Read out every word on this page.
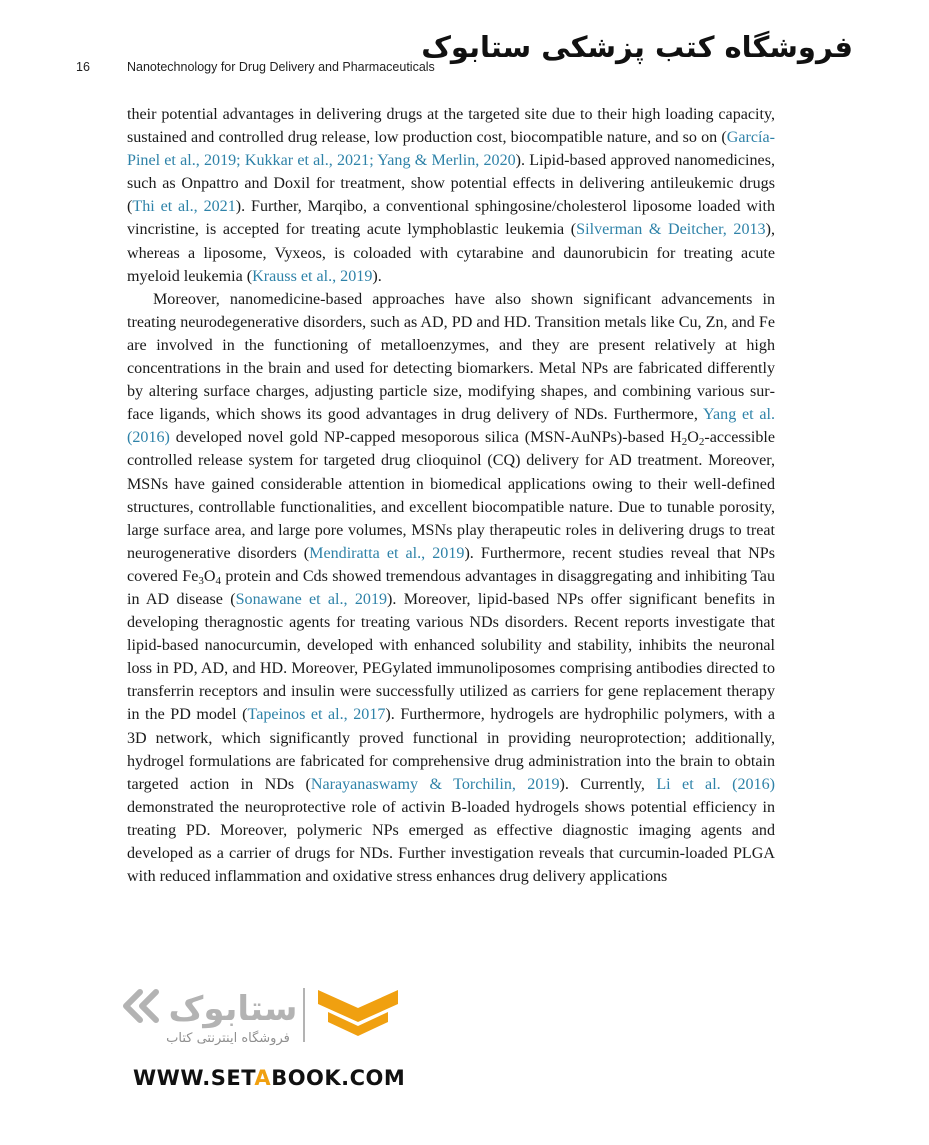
16	Nanotechnology for Drug Delivery and Pharmaceuticals
فروشگاه کتب پزشکی ستابوک

their potential advantages in delivering drugs at the targeted site due to their high loading capacity, sustained and controlled drug release, low production cost, biocompatible nature, and so on (García-Pinel et al., 2019; Kukkar et al., 2021; Yang & Merlin, 2020). Lipid-based approved nanomedicines, such as Onpattro and Doxil for treatment, show potential effects in delivering antileukemic drugs (Thi et al., 2021). Further, Marqibo, a conventional sphingosine/cholesterol liposome loaded with vincristine, is accepted for treating acute lymphoblastic leukemia (Silverman & Deitcher, 2013), whereas a liposome, Vyxeos, is coloaded with cytarabine and daunorubicin for treating acute myeloid leukemia (Krauss et al., 2019).

Moreover, nanomedicine-based approaches have also shown significant advancements in treating neurodegenerative disorders, such as AD, PD and HD. Transition metals like Cu, Zn, and Fe are involved in the functioning of metalloenzymes, and they are present relatively at high concentrations in the brain and used for detecting biomarkers. Metal NPs are fabricated differently by altering surface charges, adjusting particle size, modifying shapes, and combining various surface ligands, which shows its good advantages in drug delivery of NDs. Furthermore, Yang et al. (2016) developed novel gold NP-capped mesoporous silica (MSN-AuNPs)-based $H_2O_2$-accessible controlled release system for targeted drug clioquinol (CQ) delivery for AD treatment. Moreover, MSNs have gained considerable attention in biomedical applications owing to their well-defined structures, controllable functionalities, and excellent biocompatible nature. Due to tunable porosity, large surface area, and large pore volumes, MSNs play therapeutic roles in delivering drugs to treat neurogenerative disorders (Mendiratta et al., 2019). Furthermore, recent studies reveal that NPs covered $Fe_3O_4$ protein and Cds showed tremendous advantages in disaggregating and inhibiting Tau in AD disease (Sonawane et al., 2019). Moreover, lipid-based NPs offer significant benefits in developing theragnostic agents for treating various NDs disorders. Recent reports investigate that lipid-based nanocurcumin, developed with enhanced solubility and stability, inhibits the neuronal loss in PD, AD, and HD. Moreover, PEGylated immunoliposomes comprising antibodies directed to transferrin receptors and insulin were successfully utilized as carriers for gene replacement therapy in the PD model (Tapeinos et al., 2017). Furthermore, hydrogels are hydrophilic polymers, with a 3D network, which significantly proved functional in providing neuroprotection; additionally, hydrogel formulations are fabricated for comprehensive drug administration into the brain to obtain targeted action in NDs (Narayanaswamy & Torchilin, 2019). Currently, Li et al. (2016) demonstrated the neuroprotective role of activin B-loaded hydrogels shows potential efficiency in treating PD. Moreover, polymeric NPs emerged as effective diagnostic imaging agents and developed as a carrier of drugs for NDs. Further investigation reveals that curcumin-loaded PLGA with reduced inflammation and oxidative stress enhances drug delivery applications

ستابوک
فروشگاه اینترنتی کتاب
WWW.SETABOOK.COM
